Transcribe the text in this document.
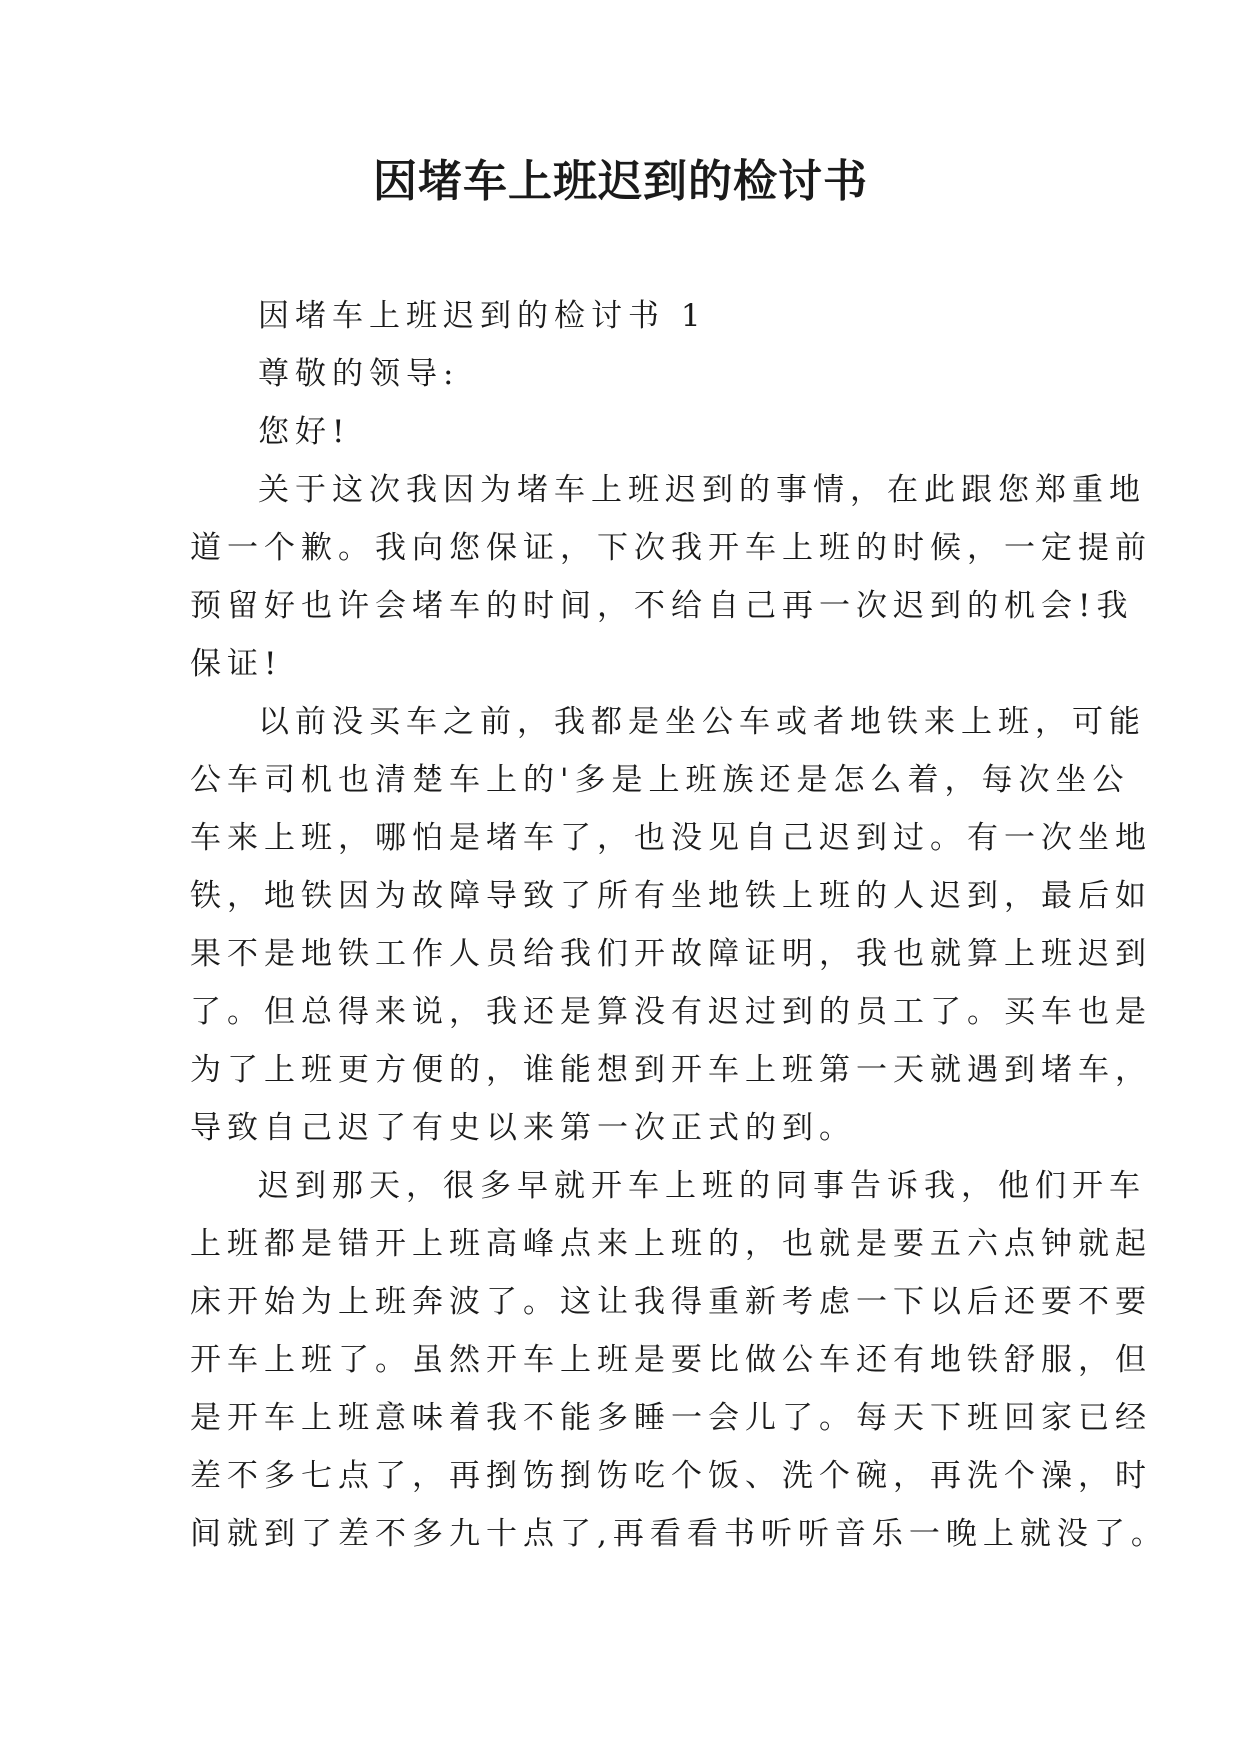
因堵车上班迟到的检讨书
因堵车上班迟到的检讨书 1
尊敬的领导:
您好!
关于这次我因为堵车上班迟到的事情，在此跟您郑重地
道一个歉。我向您保证，下次我开车上班的时候，一定提前
预留好也许会堵车的时间，不给自己再一次迟到的机会!我
保证!
以前没买车之前，我都是坐公车或者地铁来上班，可能
公车司机也清楚车上的'多是上班族还是怎么着，每次坐公
车来上班，哪怕是堵车了，也没见自己迟到过。有一次坐地
铁，地铁因为故障导致了所有坐地铁上班的人迟到，最后如
果不是地铁工作人员给我们开故障证明，我也就算上班迟到
了。但总得来说，我还是算没有迟过到的员工了。买车也是
为了上班更方便的，谁能想到开车上班第一天就遇到堵车，
导致自己迟了有史以来第一次正式的到。
迟到那天，很多早就开车上班的同事告诉我，他们开车
上班都是错开上班高峰点来上班的，也就是要五六点钟就起
床开始为上班奔波了。这让我得重新考虑一下以后还要不要
开车上班了。虽然开车上班是要比做公车还有地铁舒服，但
是开车上班意味着我不能多睡一会儿了。每天下班回家已经
差不多七点了，再捯饬捯饬吃个饭、洗个碗，再洗个澡，时
间就到了差不多九十点了,再看看书听听音乐一晚上就没了。
